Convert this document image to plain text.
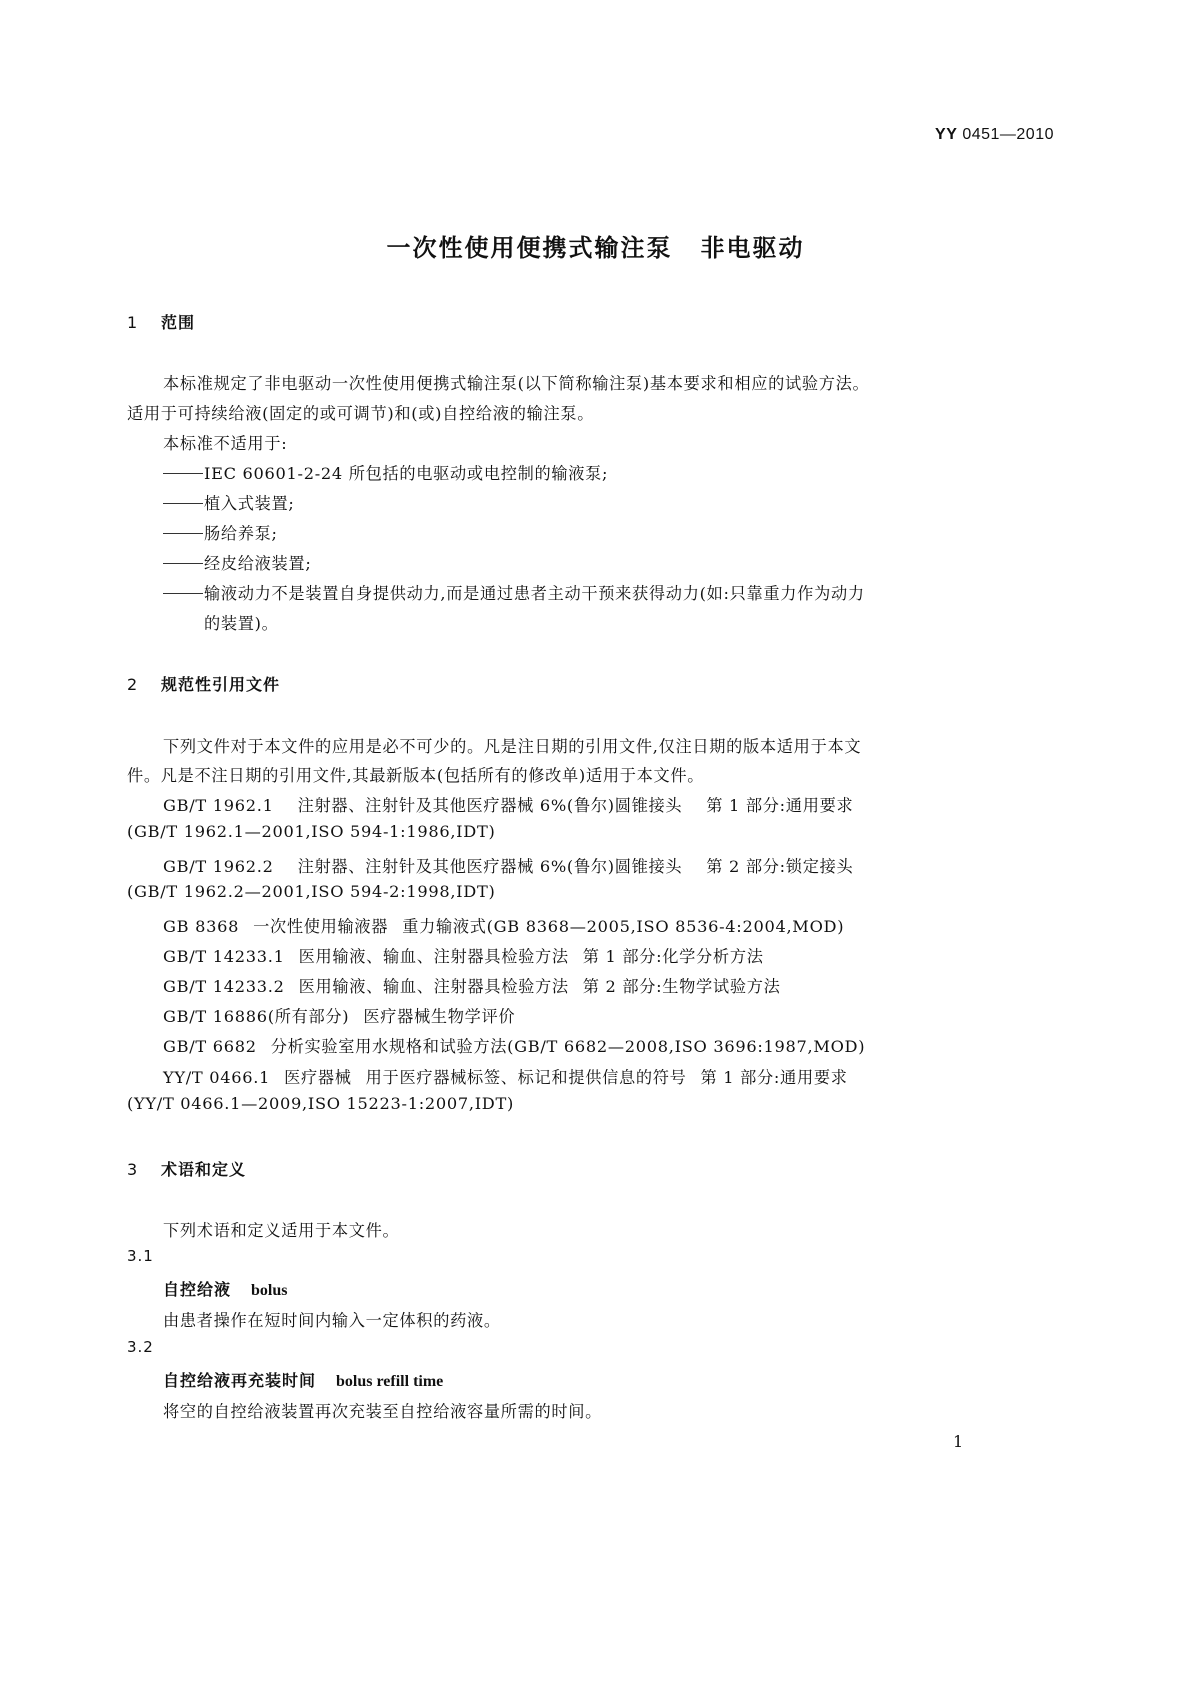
YY 0451—2010
一次性使用便携式输注泵 非电驱动
1 范围
本标准规定了非电驱动一次性使用便携式输注泵(以下简称输注泵)基本要求和相应的试验方法。
适用于可持续给液(固定的或可调节)和(或)自控给液的输注泵。
本标准不适用于:
IEC 60601-2-24 所包括的电驱动或电控制的输液泵;
植入式装置;
肠给养泵;
经皮给液装置;
输液动力不是装置自身提供动力,而是通过患者主动干预来获得动力(如:只靠重力作为动力
的装置)。
2 规范性引用文件
下列文件对于本文件的应用是必不可少的。凡是注日期的引用文件,仅注日期的版本适用于本文
件。凡是不注日期的引用文件,其最新版本(包括所有的修改单)适用于本文件。
GB/T 1962.1 注射器、注射针及其他医疗器械 6%(鲁尔)圆锥接头 第 1 部分:通用要求
(GB/T 1962.1—2001,ISO 594-1:1986,IDT)
GB/T 1962.2 注射器、注射针及其他医疗器械 6%(鲁尔)圆锥接头 第 2 部分:锁定接头
(GB/T 1962.2—2001,ISO 594-2:1998,IDT)
GB 8368 一次性使用输液器 重力输液式(GB 8368—2005,ISO 8536-4:2004,MOD)
GB/T 14233.1 医用输液、输血、注射器具检验方法 第 1 部分:化学分析方法
GB/T 14233.2 医用输液、输血、注射器具检验方法 第 2 部分:生物学试验方法
GB/T 16886(所有部分) 医疗器械生物学评价
GB/T 6682 分析实验室用水规格和试验方法(GB/T 6682—2008,ISO 3696:1987,MOD)
YY/T 0466.1 医疗器械 用于医疗器械标签、标记和提供信息的符号 第 1 部分:通用要求
(YY/T 0466.1—2009,ISO 15223-1:2007,IDT)
3 术语和定义
下列术语和定义适用于本文件。
3.1
自控给液 bolus
由患者操作在短时间内输入一定体积的药液。
3.2
自控给液再充装时间 bolus refill time
将空的自控给液装置再次充装至自控给液容量所需的时间。
1
